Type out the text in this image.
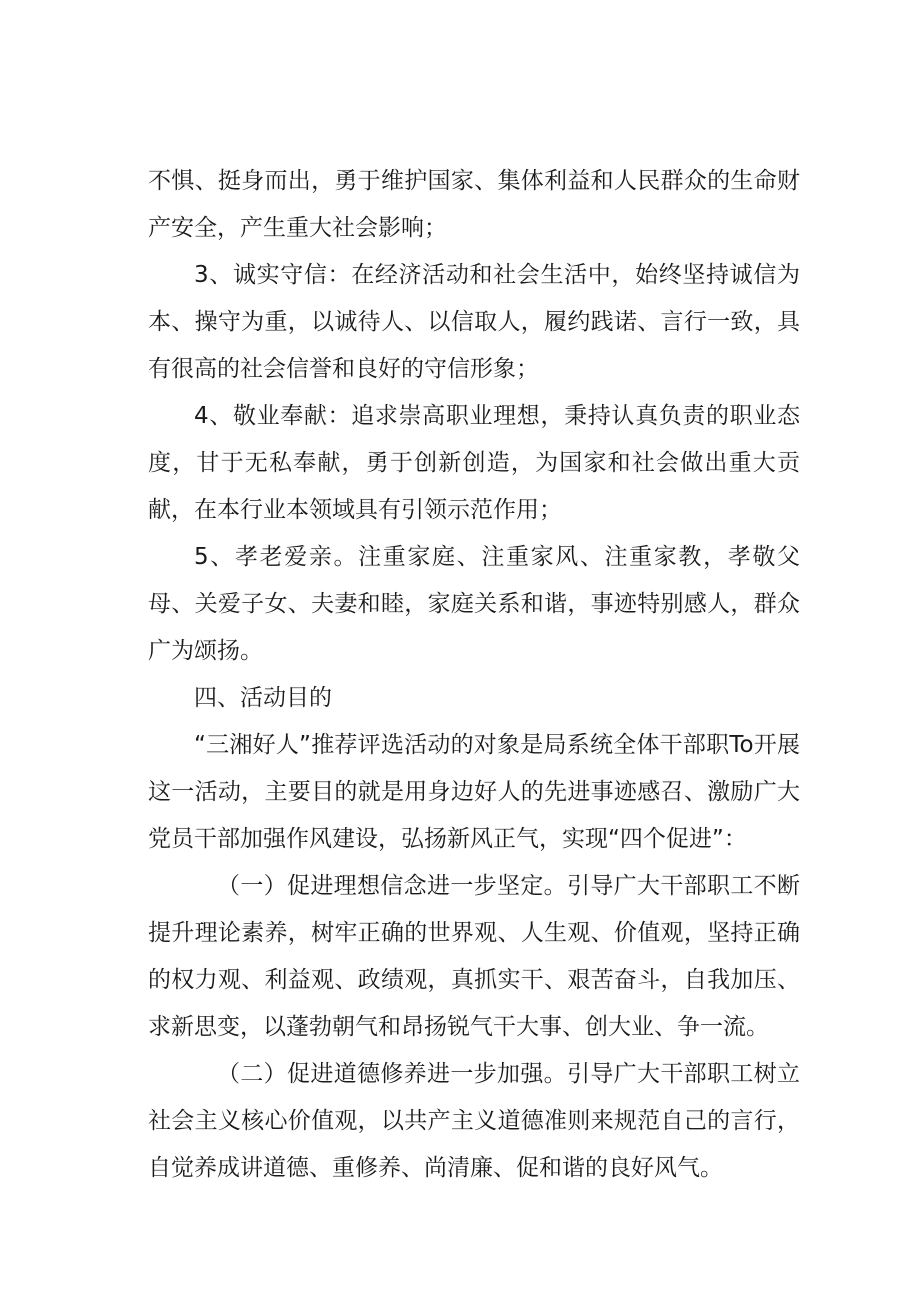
不惧、挺身而出，勇于维护国家、集体利益和人民群众的生命财产安全，产生重大社会影响；

3、诚实守信：在经济活动和社会生活中，始终坚持诚信为本、操守为重，以诚待人、以信取人，履约践诺、言行一致，具有很高的社会信誉和良好的守信形象；

4、敬业奉献：追求崇高职业理想，秉持认真负责的职业态度，甘于无私奉献，勇于创新创造，为国家和社会做出重大贡献，在本行业本领域具有引领示范作用；

5、孝老爱亲。注重家庭、注重家风、注重家教，孝敬父母、关爱子女、夫妻和睦，家庭关系和谐，事迹特别感人，群众广为颂扬。

四、活动目的

“三湘好人”推荐评选活动的对象是局系统全体干部职To开展这一活动，主要目的就是用身边好人的先进事迹感召、激励广大党员干部加强作风建设，弘扬新风正气，实现“四个促进”：

（一）促进理想信念进一步坚定。引导广大干部职工不断提升理论素养，树牢正确的世界观、人生观、价值观，坚持正确的权力观、利益观、政绩观，真抓实干、艰苦奋斗，自我加压、求新思变，以蓬勃朝气和昂扬锐气干大事、创大业、争一流。

（二）促进道德修养进一步加强。引导广大干部职工树立社会主义核心价值观，以共产主义道德准则来规范自己的言行，自觉养成讲道德、重修养、尚清廉、促和谐的良好风气。
